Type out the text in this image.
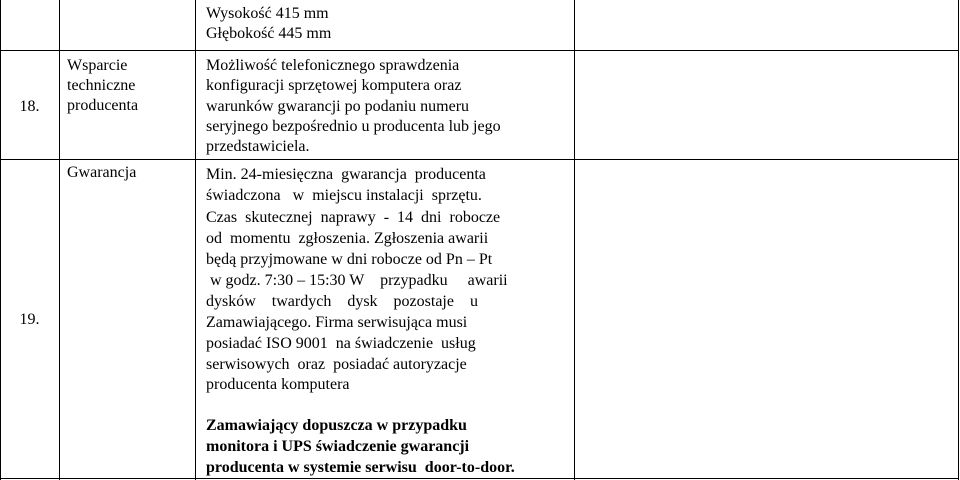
Wysokość 415 mm
Głębokość 445 mm
18.
Wsparcie
techniczne
producenta
Możliwość telefonicznego sprawdzenia
konfiguracji sprzętowej komputera oraz
warunków gwarancji po podaniu numeru
seryjnego bezpośrednio u producenta lub jego
przedstawiciela.
19.
Gwarancja	Min. 24-miesięczna  gwarancja  producenta
świadczona   w  miejscu instalacji  sprzętu.
Czas  skutecznej  naprawy  -  14  dni  robocze
od  momentu  zgłoszenia. Zgłoszenia awarii
będą przyjmowane w dni robocze od Pn – Pt
w godz. 7:30 – 15:30 W    przypadku     awarii
dysków    twardych    dysk    pozostaje    u
Zamawiającego. Firma serwisująca musi
posiadać ISO 9001  na świadczenie  usług
serwisowych  oraz  posiadać autoryzacje
producenta komputera
Zamawiający dopuszcza w przypadku
monitora i UPS świadczenie gwarancji
producenta w systemie serwisu  door-to-door.
